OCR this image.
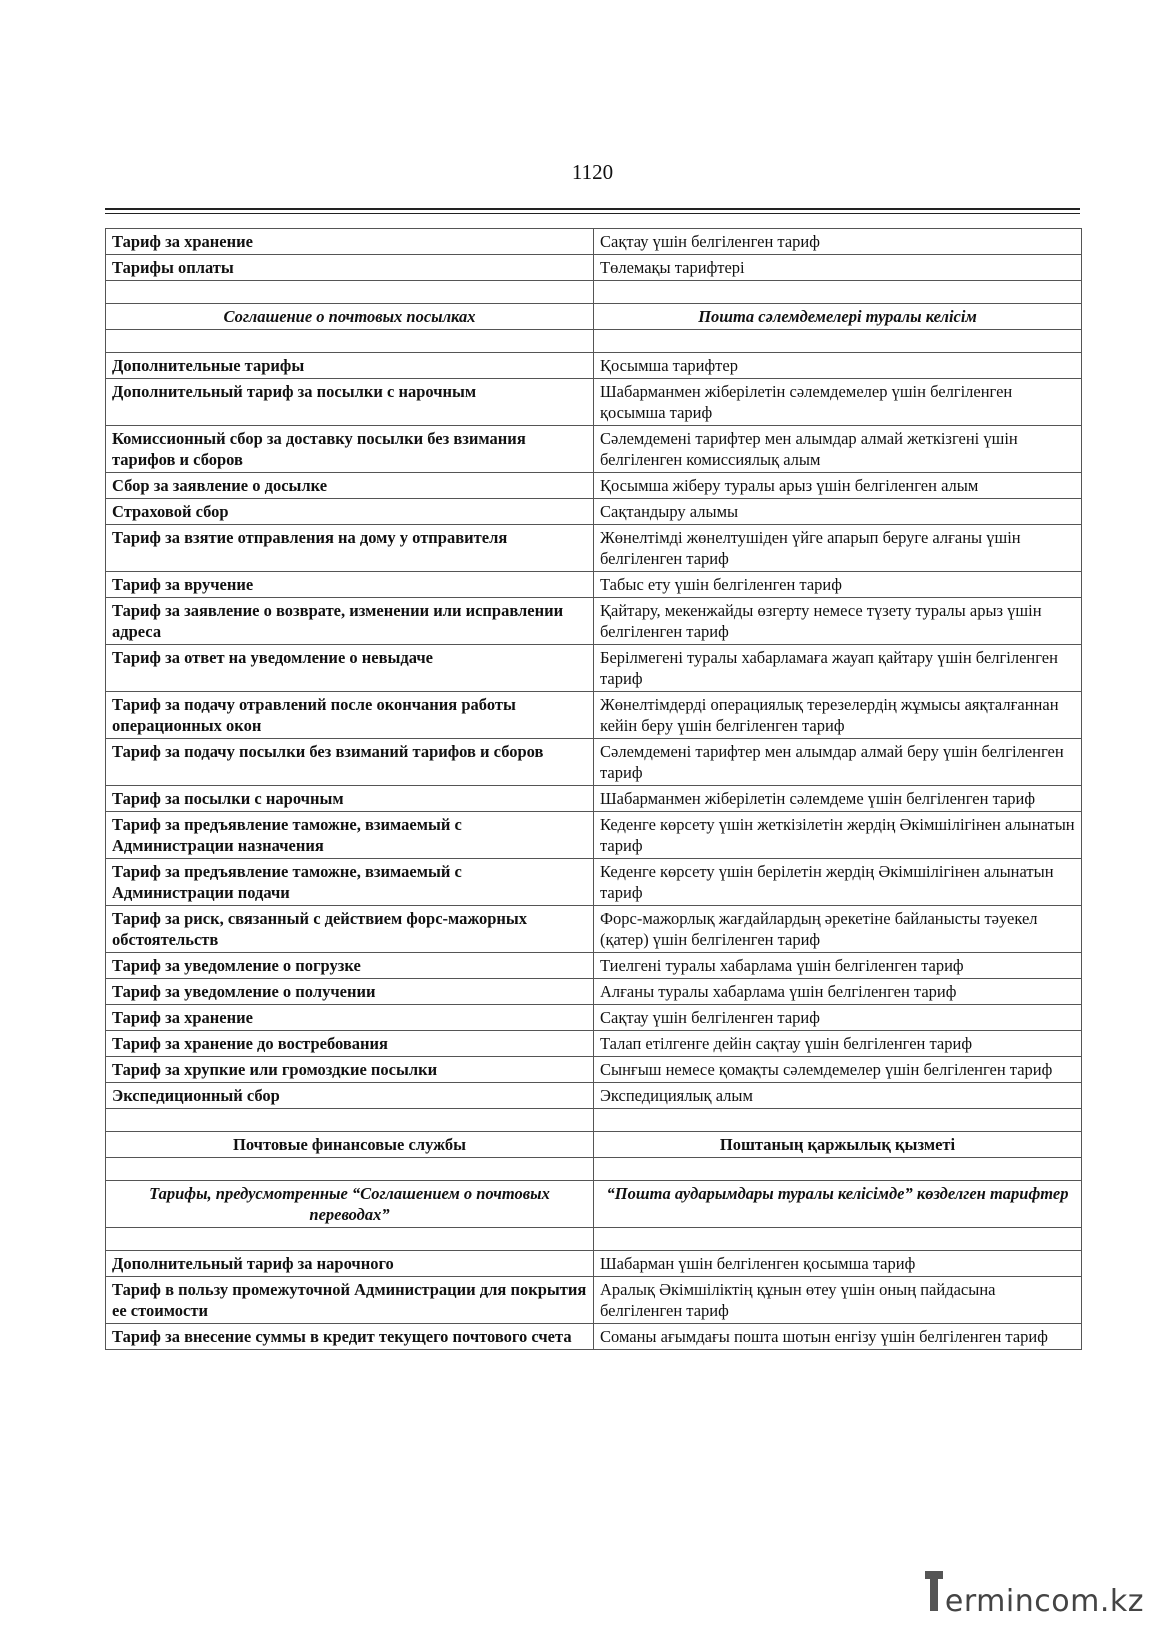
1120
Тариф за хранение	Сақтау үшін белгіленген тариф
Тарифы оплаты	Төлемақы тарифтері

Соглашение о почтовых посылках	Пошта сәлемдемелері туралы келісім

Дополнительные тарифы	Қосымша тарифтер
Дополнительный тариф за посылки с нарочным	Шабарманмен жіберілетін сәлемдемелер үшін белгіленген қосымша тариф
Комиссионный сбор за доставку посылки без взимания тарифов и сборов	Сәлемдемені тарифтер мен алымдар алмай жеткізгені үшін белгіленген комиссиялық алым
Сбор за заявление о досылке	Қосымша жіберу туралы арыз үшін белгіленген алым
Страховой сбор	Сақтандыру алымы
Тариф за взятие отправления на дому у отправителя	Жөнелтімді жөнелтушіден үйге апарып беруге алғаны үшін белгіленген тариф
Тариф за вручение	Табыс ету үшін белгіленген тариф
Тариф за заявление о возврате, изменении или исправлении адреса	Қайтару, мекенжайды өзгерту немесе түзету туралы арыз үшін белгіленген тариф
Тариф за ответ на уведомление о невыдаче	Берілмегені туралы хабарламаға жауап қайтару үшін белгіленген тариф
Тариф за подачу отравлений после окончания работы операционных окон	Жөнелтімдерді операциялық терезелердің жұмысы аяқталғаннан кейін беру үшін белгіленген тариф
Тариф за подачу посылки без взиманий тарифов и сборов	Сәлемдемені тарифтер мен алымдар алмай беру үшін белгіленген тариф
Тариф за посылки с нарочным	Шабарманмен жіберілетін сәлемдеме үшін белгіленген тариф
Тариф за предъявление таможне, взимаемый с Администрации назначения	Кеденге көрсету үшін жеткізілетін жердің Әкімшілігінен алынатын тариф
Тариф за предъявление таможне, взимаемый с Администрации подачи	Кеденге көрсету үшін берілетін жердің Әкімшілігінен алынатын тариф
Тариф за риск, связанный с действием форс-мажорных обстоятельств	Форс-мажорлық жағдайлардың әрекетіне байланысты тәуекел (қатер) үшін белгіленген тариф
Тариф за уведомление о погрузке	Тиелгені туралы хабарлама үшін белгіленген тариф
Тариф за уведомление о получении	Алғаны туралы хабарлама үшін белгіленген тариф
Тариф за хранение	Сақтау үшін белгіленген тариф
Тариф за хранение до востребования	Талап етілгенге дейін сақтау үшін белгіленген тариф
Тариф за хрупкие или громоздкие посылки	Сынғыш немесе қомақты сәлемдемелер үшін белгіленген тариф
Экспедиционный сбор	Экспедициялық алым

Почтовые финансовые службы	Поштаның қаржылық қызметі

Тарифы, предусмотренные “Соглашением о почтовых переводах”	“Пошта аударымдары туралы келісімде” көзделген тарифтер

Дополнительный тариф за нарочного	Шабарман үшін белгіленген қосымша тариф
Тариф в пользу промежуточной Администрации для покрытия ее стоимости	Аралық Әкімшіліктің құнын өтеу үшін оның пайдасына белгіленген тариф
Тариф за внесение суммы в кредит текущего почтового счета	Соманы ағымдағы пошта шотын енгізу үшін белгіленген тариф
ermincom.kz
